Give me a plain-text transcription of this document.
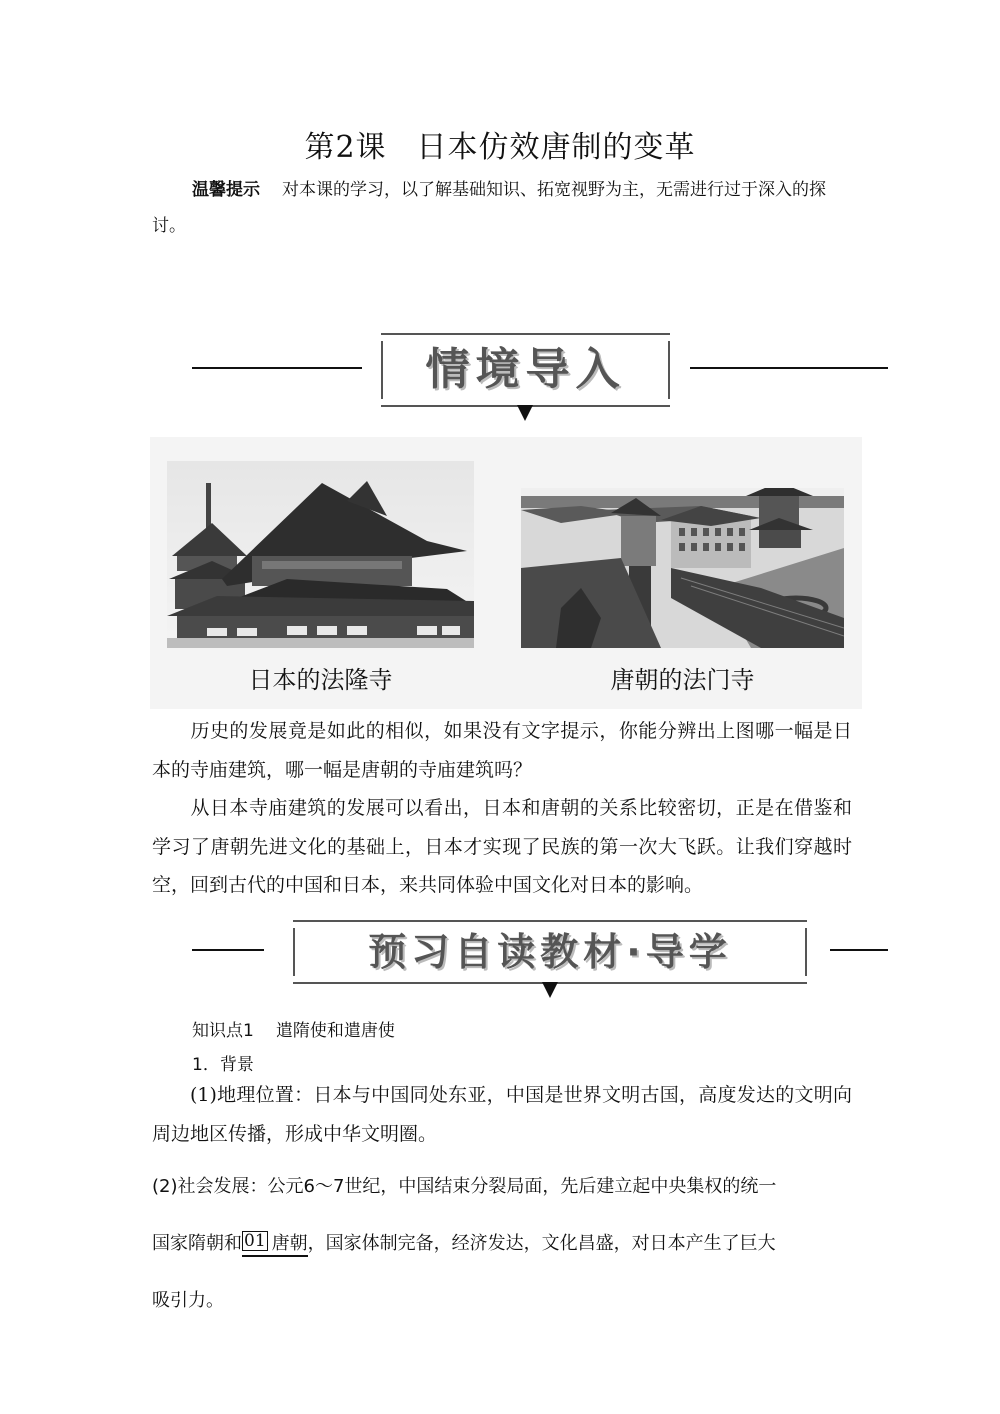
第2课 日本仿效唐制的变革
温馨提示 对本课的学习，以了解基础知识、拓宽视野为主，无需进行过于深入的探讨。
情境导入
日本的法隆寺	唐朝的法门寺
历史的发展竟是如此的相似，如果没有文字提示，你能分辨出上图哪一幅是日本的寺庙建筑，哪一幅是唐朝的寺庙建筑吗？
从日本寺庙建筑的发展可以看出，日本和唐朝的关系比较密切，正是在借鉴和学习了唐朝先进文化的基础上，日本才实现了民族的第一次大飞跃。让我们穿越时空，回到古代的中国和日本，来共同体验中国文化对日本的影响。
预习自读教材·导学
知识点1 遣隋使和遣唐使
1．背景
(1)地理位置：日本与中国同处东亚，中国是世界文明古国，高度发达的文明向周边地区传播，形成中华文明圈。
(2)社会发展：公元6～7世纪，中国结束分裂局面，先后建立起中央集权的统一
国家隋朝和 01 唐朝，国家体制完备，经济发达，文化昌盛，对日本产生了巨大
吸引力。
